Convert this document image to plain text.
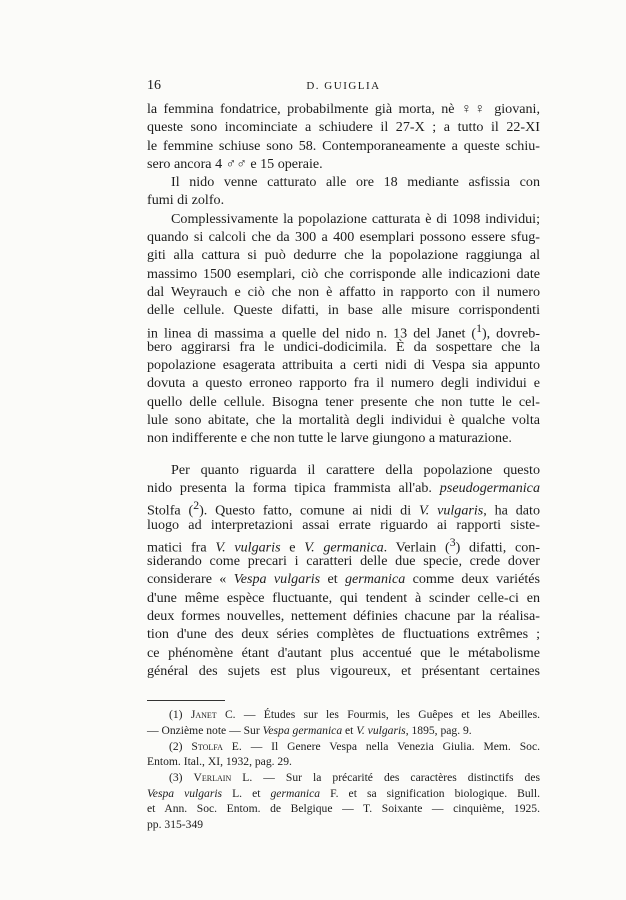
16	D. GUIGLIA
la femmina fondatrice, probabilmente già morta, nè ♀♀ giovani,
queste sono incominciate a schiudere il 27-X ; a tutto il 22-XI
le femmine schiuse sono 58. Contemporaneamente a queste schiu-
sero ancora 4 ♂♂ e 15 operaie.
Il nido venne catturato alle ore 18 mediante asfissia con
fumi di zolfo.
Complessivamente la popolazione catturata è di 1098 individui;
quando si calcoli che da 300 a 400 esemplari possono essere sfug-
giti alla cattura si può dedurre che la popolazione raggiunga al
massimo 1500 esemplari, ciò che corrisponde alle indicazioni date
dal Weyrauch e ciò che non è affatto in rapporto con il numero
delle cellule. Queste difatti, in base alle misure corrispondenti
in linea di massima a quelle del nido n. 13 del Janet ($^1$), dovreb-
bero aggirarsi fra le undici-dodicimila. È da sospettare che la
popolazione esagerata attribuita a certi nidi di Vespa sia appunto
dovuta a questo erroneo rapporto fra il numero degli individui e
quello delle cellule. Bisogna tener presente che non tutte le cel-
lule sono abitate, che la mortalità degli individui è qualche volta
non indifferente e che non tutte le larve giungono a maturazione.
Per quanto riguarda il carattere della popolazione questo
nido presenta la forma tipica frammista all'ab. pseudogermanica
Stolfa ($^2$). Questo fatto, comune ai nidi di V. vulgaris, ha dato
luogo ad interpretazioni assai errate riguardo ai rapporti siste-
matici fra V. vulgaris e V. germanica. Verlain ($^3$) difatti, con-
siderando come precari i caratteri delle due specie, crede dover
considerare « Vespa vulgaris et germanica comme deux variétés
d'une même espèce fluctuante, qui tendent à scinder celle-ci en
deux formes nouvelles, nettement définies chacune par la réalisa-
tion d'une des deux séries complètes de fluctuations extrêmes ;
ce phénomène étant d'autant plus accentué que le métabolisme
général des sujets est plus vigoureux, et présentant certaines
(1) Janet C. — Études sur les Fourmis, les Guêpes et les Abeilles.
— Onzième note — Sur Vespa germanica et V. vulgaris, 1895, pag. 9.
(2) Stolfa E. — Il Genere Vespa nella Venezia Giulia. Mem. Soc.
Entom. Ital., XI, 1932, pag. 29.
(3) Verlain L. — Sur la précarité des caractères distinctifs des
Vespa vulgaris L. et germanica F. et sa signification biologique. Bull.
et Ann. Soc. Entom. de Belgique — T. Soixante — cinquième, 1925.
pp. 315-349
